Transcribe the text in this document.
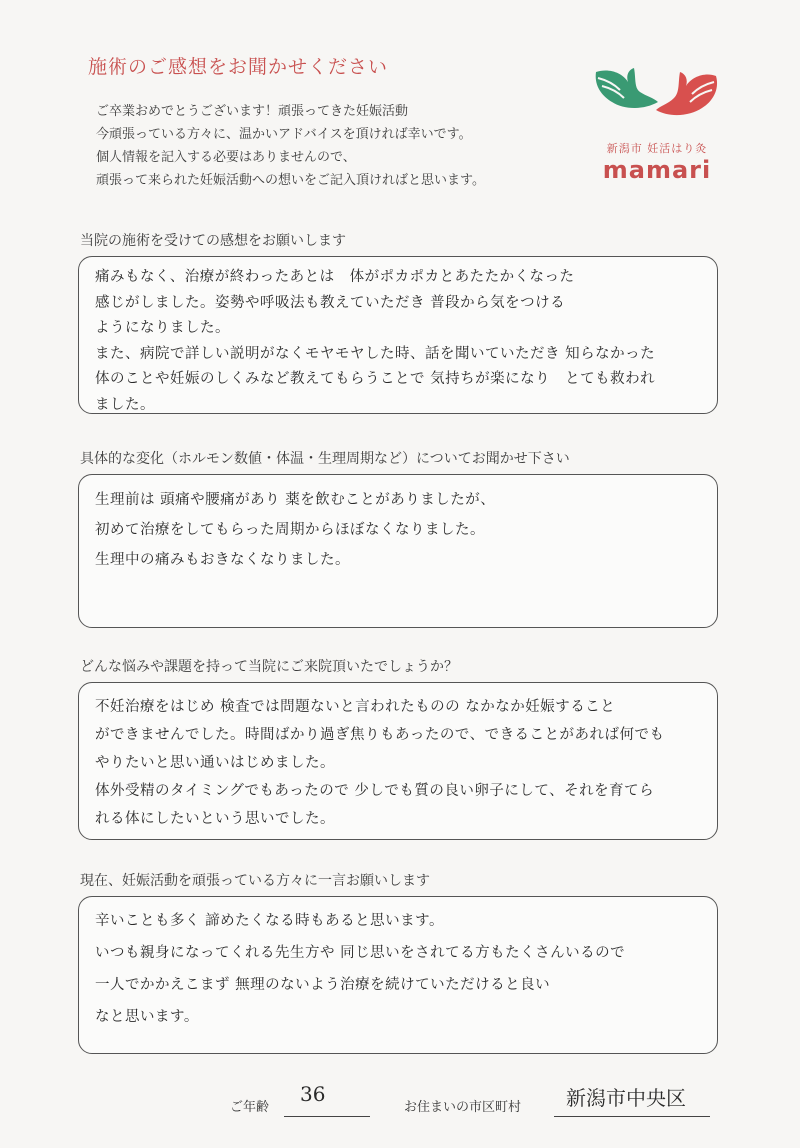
施術のご感想をお聞かせください
ご卒業おめでとうございます！頑張ってきた妊娠活動
今頑張っている方々に、温かいアドバイスを頂ければ幸いです。
個人情報を記入する必要はありませんので、
頑張って来られた妊娠活動への想いをご記入頂ければと思います。
新潟市 妊活はり灸
mamari
当院の施術を受けての感想をお願いします
痛みもなく、治療が終わったあとは　体がポカポカとあたたかくなった
感じがしました。姿勢や呼吸法も教えていただき 普段から気をつける
ようになりました。
また、病院で詳しい説明がなくモヤモヤした時、話を聞いていただき 知らなかった
体のことや妊娠のしくみなど教えてもらうことで 気持ちが楽になり　とても救われ
ました。
具体的な変化（ホルモン数値・体温・生理周期など）についてお聞かせ下さい
生理前は 頭痛や腰痛があり 薬を飲むことがありましたが、
初めて治療をしてもらった周期からほぼなくなりました。
生理中の痛みもおきなくなりました。
どんな悩みや課題を持って当院にご来院頂いたでしょうか？
不妊治療をはじめ 検査では問題ないと言われたものの なかなか妊娠すること
ができませんでした。時間ばかり過ぎ焦りもあったので、できることがあれば何でも
やりたいと思い通いはじめました。
体外受精のタイミングでもあったので 少しでも質の良い卵子にして、それを育てら
れる体にしたいという思いでした。
現在、妊娠活動を頑張っている方々に一言お願いします
辛いことも多く 諦めたくなる時もあると思います。
いつも親身になってくれる先生方や 同じ思いをされてる方もたくさんいるので
一人でかかえこまず 無理のないよう治療を続けていただけると良い
なと思います。
ご年齢
36
お住まいの市区町村 新潟市中央区
